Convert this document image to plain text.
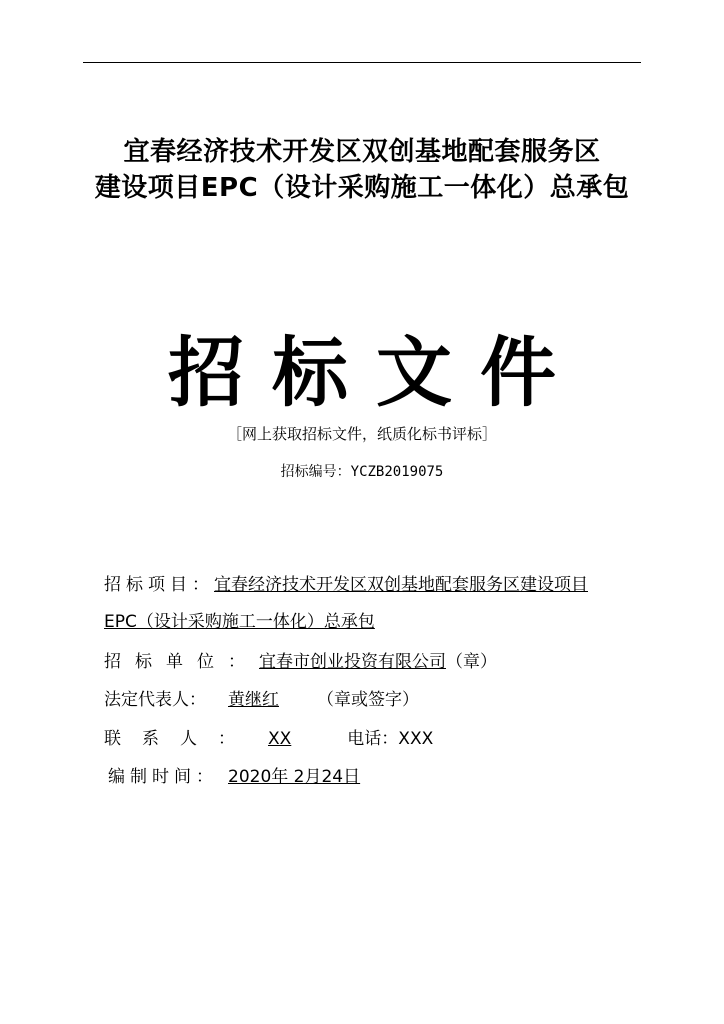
宜春经济技术开发区双创基地配套服务区
建设项目EPC（设计采购施工一体化）总承包
招标文件
［网上获取招标文件，纸质化标书评标］
招标编号：YCZB2019075
招标项目：宜春经济技术开发区双创基地配套服务区建设项目
EPC（设计采购施工一体化）总承包
招标单位：宜春市创业投资有限公司（章）
法定代表人： 黄继红 （章或签字）
联系人： XX	电话：XXX
编制时间： 2020年 2月24日
